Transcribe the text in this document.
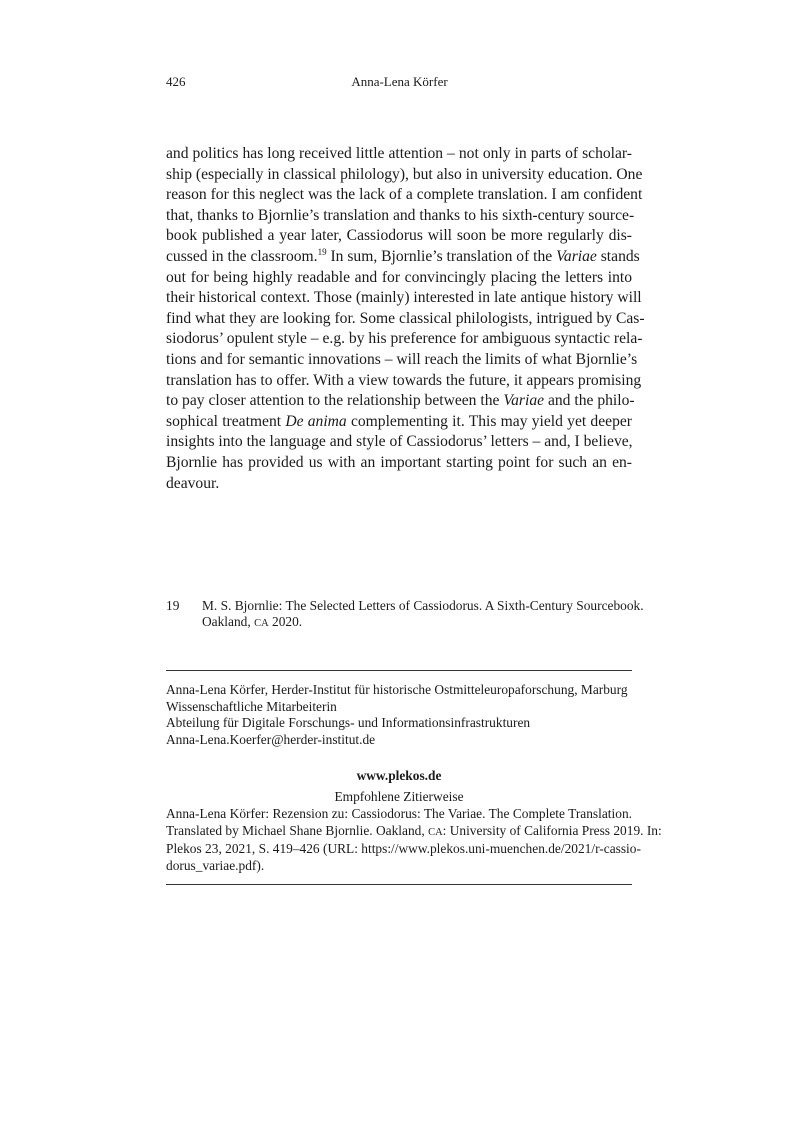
426	Anna-Lena Körfer
and politics has long received little attention – not only in parts of scholar-
ship (especially in classical philology), but also in university education. One
reason for this neglect was the lack of a complete translation. I am confident
that, thanks to Bjornlie’s translation and thanks to his sixth-century source-
book published a year later, Cassiodorus will soon be more regularly dis-
cussed in the classroom.$^{19}$ In sum, Bjornlie’s translation of the Variae stands
out for being highly readable and for convincingly placing the letters into
their historical context. Those (mainly) interested in late antique history will
find what they are looking for. Some classical philologists, intrigued by Cas-
siodorus’ opulent style – e.g. by his preference for ambiguous syntactic rela-
tions and for semantic innovations – will reach the limits of what Bjornlie’s
translation has to offer. With a view towards the future, it appears promising
to pay closer attention to the relationship between the Variae and the philo-
sophical treatment De anima complementing it. This may yield yet deeper
insights into the language and style of Cassiodorus’ letters – and, I believe,
Bjornlie has provided us with an important starting point for such an en-
deavour.
19 M. S. Bjornlie: The Selected Letters of Cassiodorus. A Sixth-Century Sourcebook.
Oakland, CA 2020.
Anna-Lena Körfer, Herder-Institut für historische Ostmitteleuropaforschung, Marburg
Wissenschaftliche Mitarbeiterin
Abteilung für Digitale Forschungs- und Informationsinfrastrukturen
Anna-Lena.Koerfer@herder-institut.de
www.plekos.de
Empfohlene Zitierweise
Anna-Lena Körfer: Rezension zu: Cassiodorus: The Variae. The Complete Translation.
Translated by Michael Shane Bjornlie. Oakland, CA: University of California Press 2019. In:
Plekos 23, 2021, S. 419–426 (URL: https://www.plekos.uni-muenchen.de/2021/r-cassio-
dorus_variae.pdf).
